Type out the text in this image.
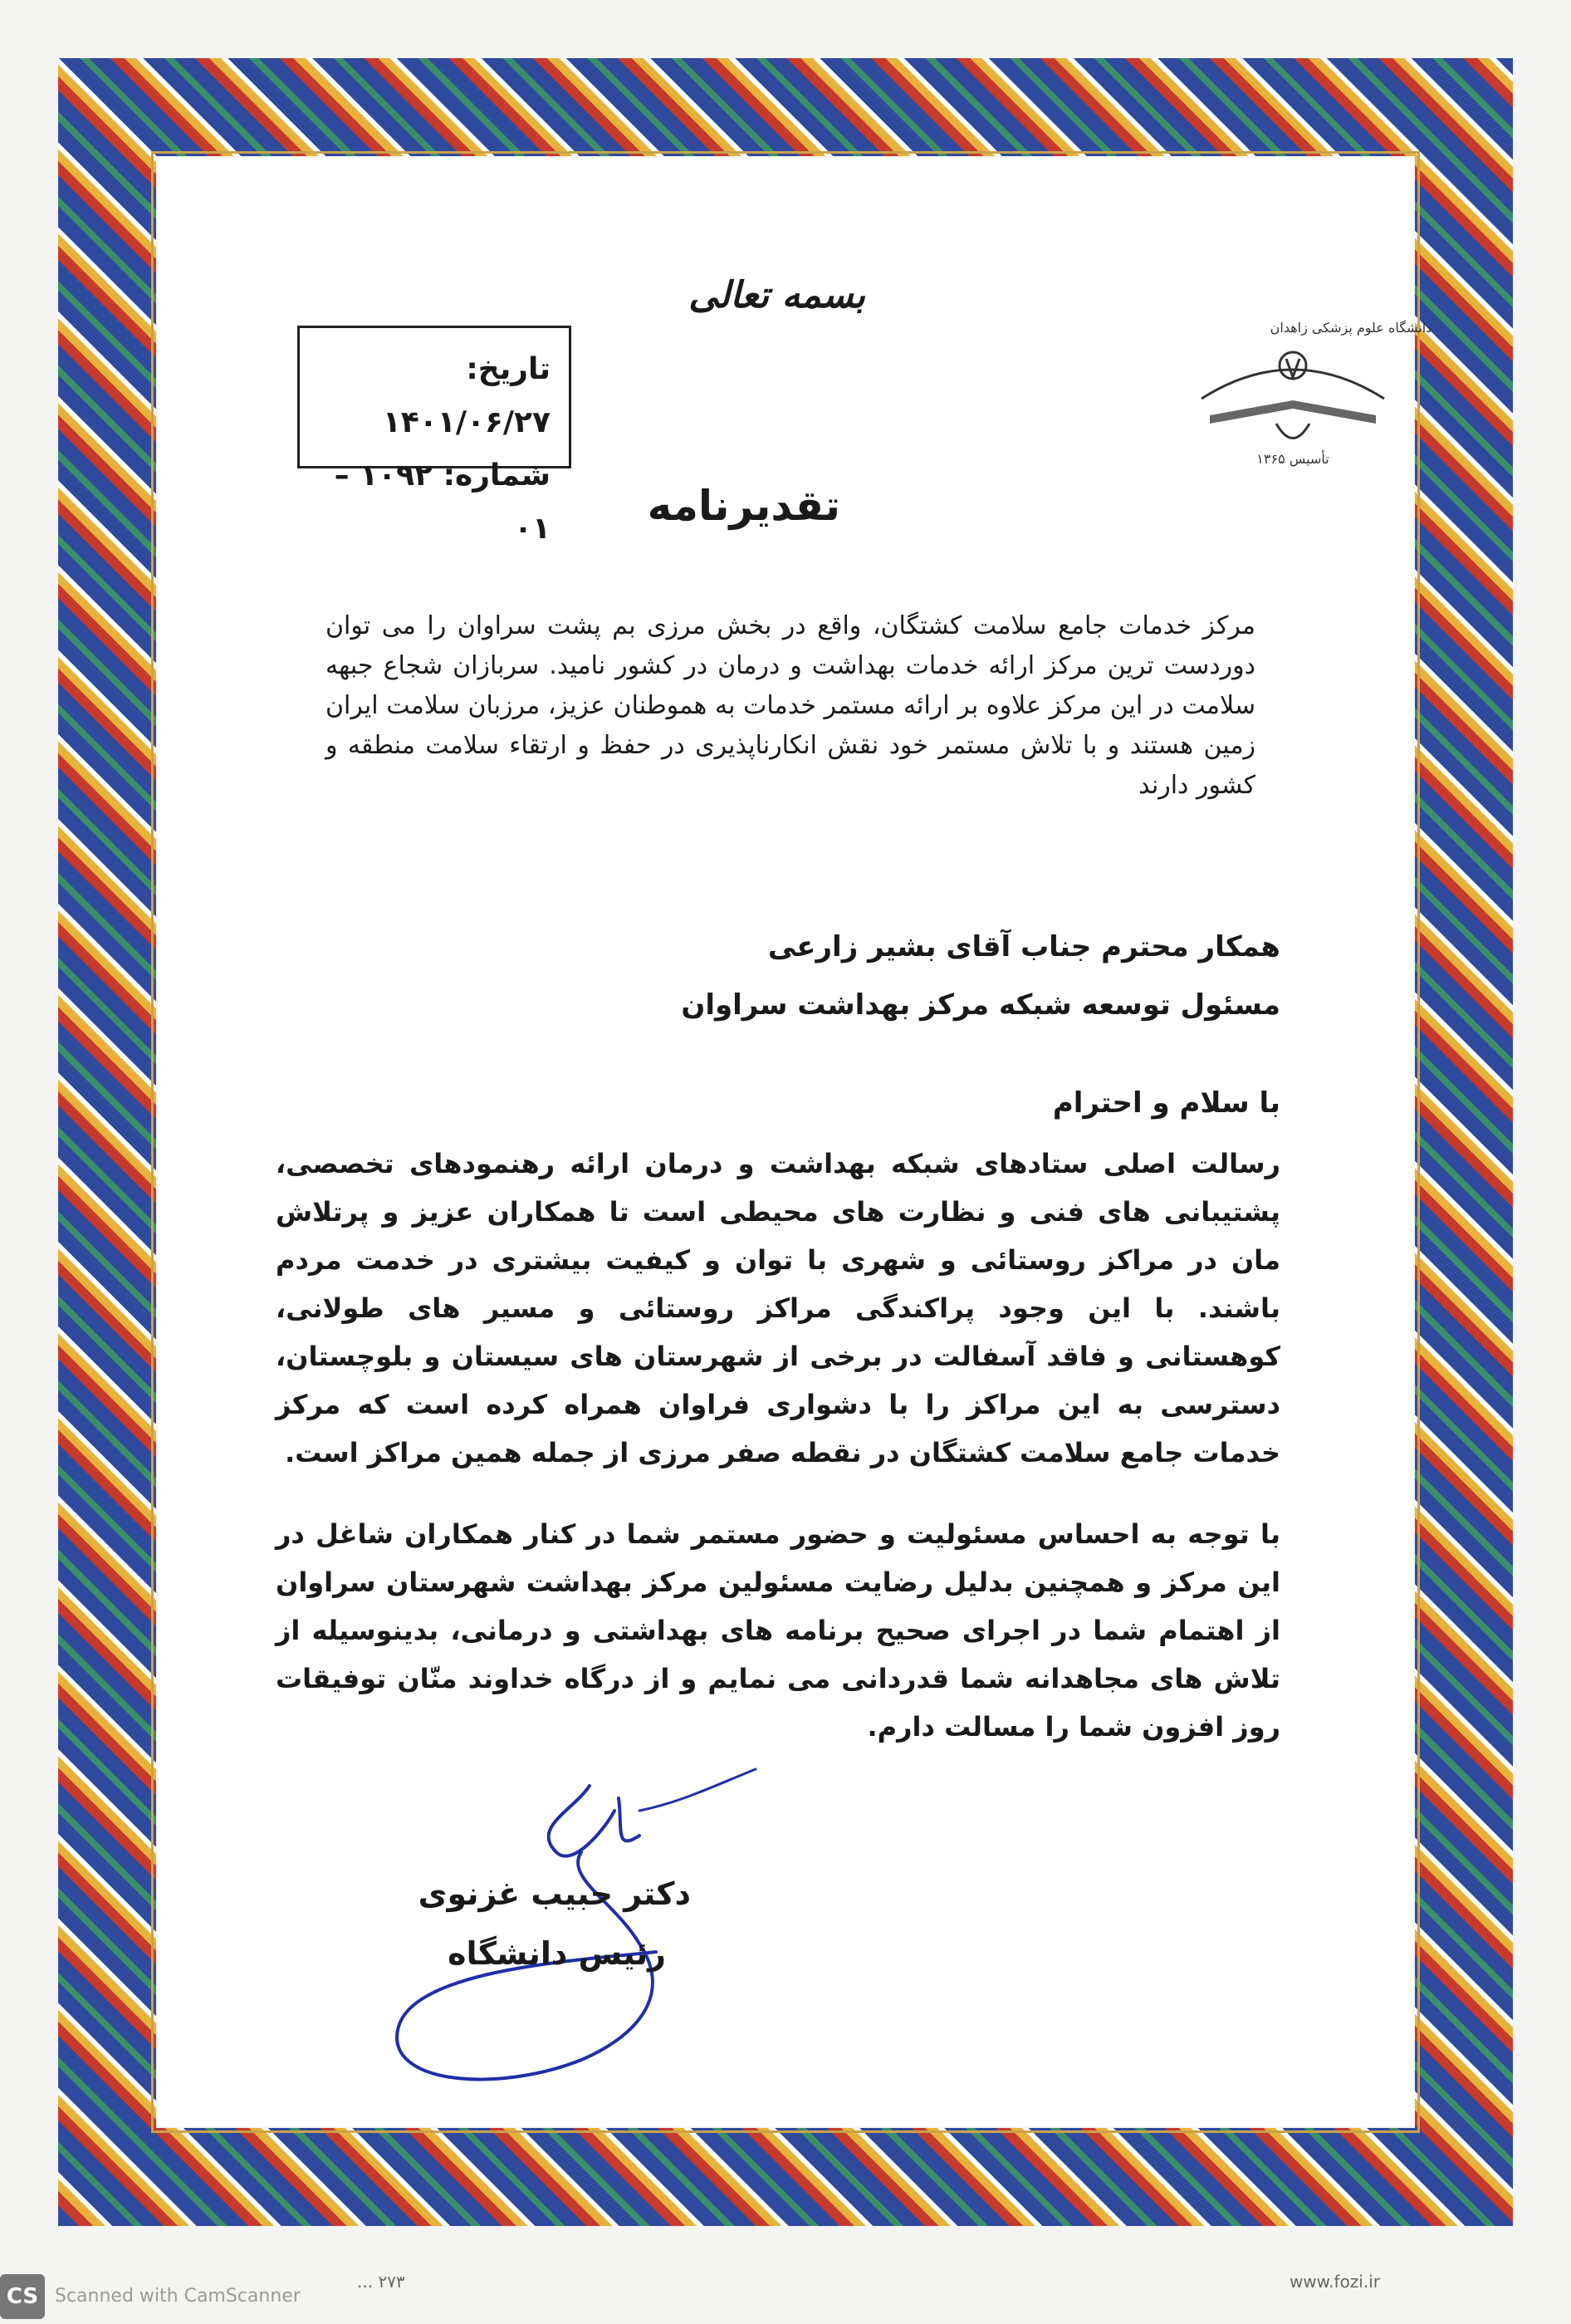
بسمه تعالی
تاریخ: ۱۴۰۱/۰۶/۲۷
شماره: ۱۰۹۲ – ۰۱
تأسیس ۱۳۶۵
دانشگاه علوم پزشکی زاهدان
تقدیرنامه
مرکز خدمات جامع سلامت کشتگان، واقع در بخش مرزی بم پشت سراوان را می توان دوردست ترین مرکز ارائه خدمات بهداشت و درمان در کشور نامید. سربازان شجاع جبهه سلامت در این مرکز علاوه بر ارائه مستمر خدمات به هموطنان عزیز، مرزبان سلامت ایران زمین هستند و با تلاش مستمر خود نقش انکارناپذیری در حفظ و ارتقاء سلامت منطقه و کشور دارند
همکار محترم جناب آقای بشیر زارعی
مسئول توسعه شبکه مرکز بهداشت سراوان
با سلام و احترام
رسالت اصلی ستادهای شبکه بهداشت و درمان ارائه رهنمودهای تخصصی، پشتیبانی های فنی و نظارت های محیطی است تا همکاران عزیز و پرتلاش مان در مراکز روستائی و شهری با توان و کیفیت بیشتری در خدمت مردم باشند. با این وجود پراکندگی مراکز روستائی و مسیر های طولانی، کوهستانی و فاقد آسفالت در برخی از شهرستان های سیستان و بلوچستان، دسترسی به این مراکز را با دشواری فراوان همراه کرده است که مرکز خدمات جامع سلامت کشتگان در نقطه صفر مرزی از جمله همین مراکز است.
با توجه به احساس مسئولیت و حضور مستمر شما در کنار همکاران شاغل در این مرکز و همچنین بدلیل رضایت مسئولین مرکز بهداشت شهرستان سراوان از اهتمام شما در اجرای صحیح برنامه های بهداشتی و درمانی، بدینوسیله از تلاش های مجاهدانه شما قدردانی می نمایم و از درگاه خداوند منّان توفیقات روز افزون شما را مسالت دارم.
دکتر حبیب غزنوی
رئیس دانشگاه
۲۷۳ ...	www.fozi.ir
CS Scanned with CamScanner
